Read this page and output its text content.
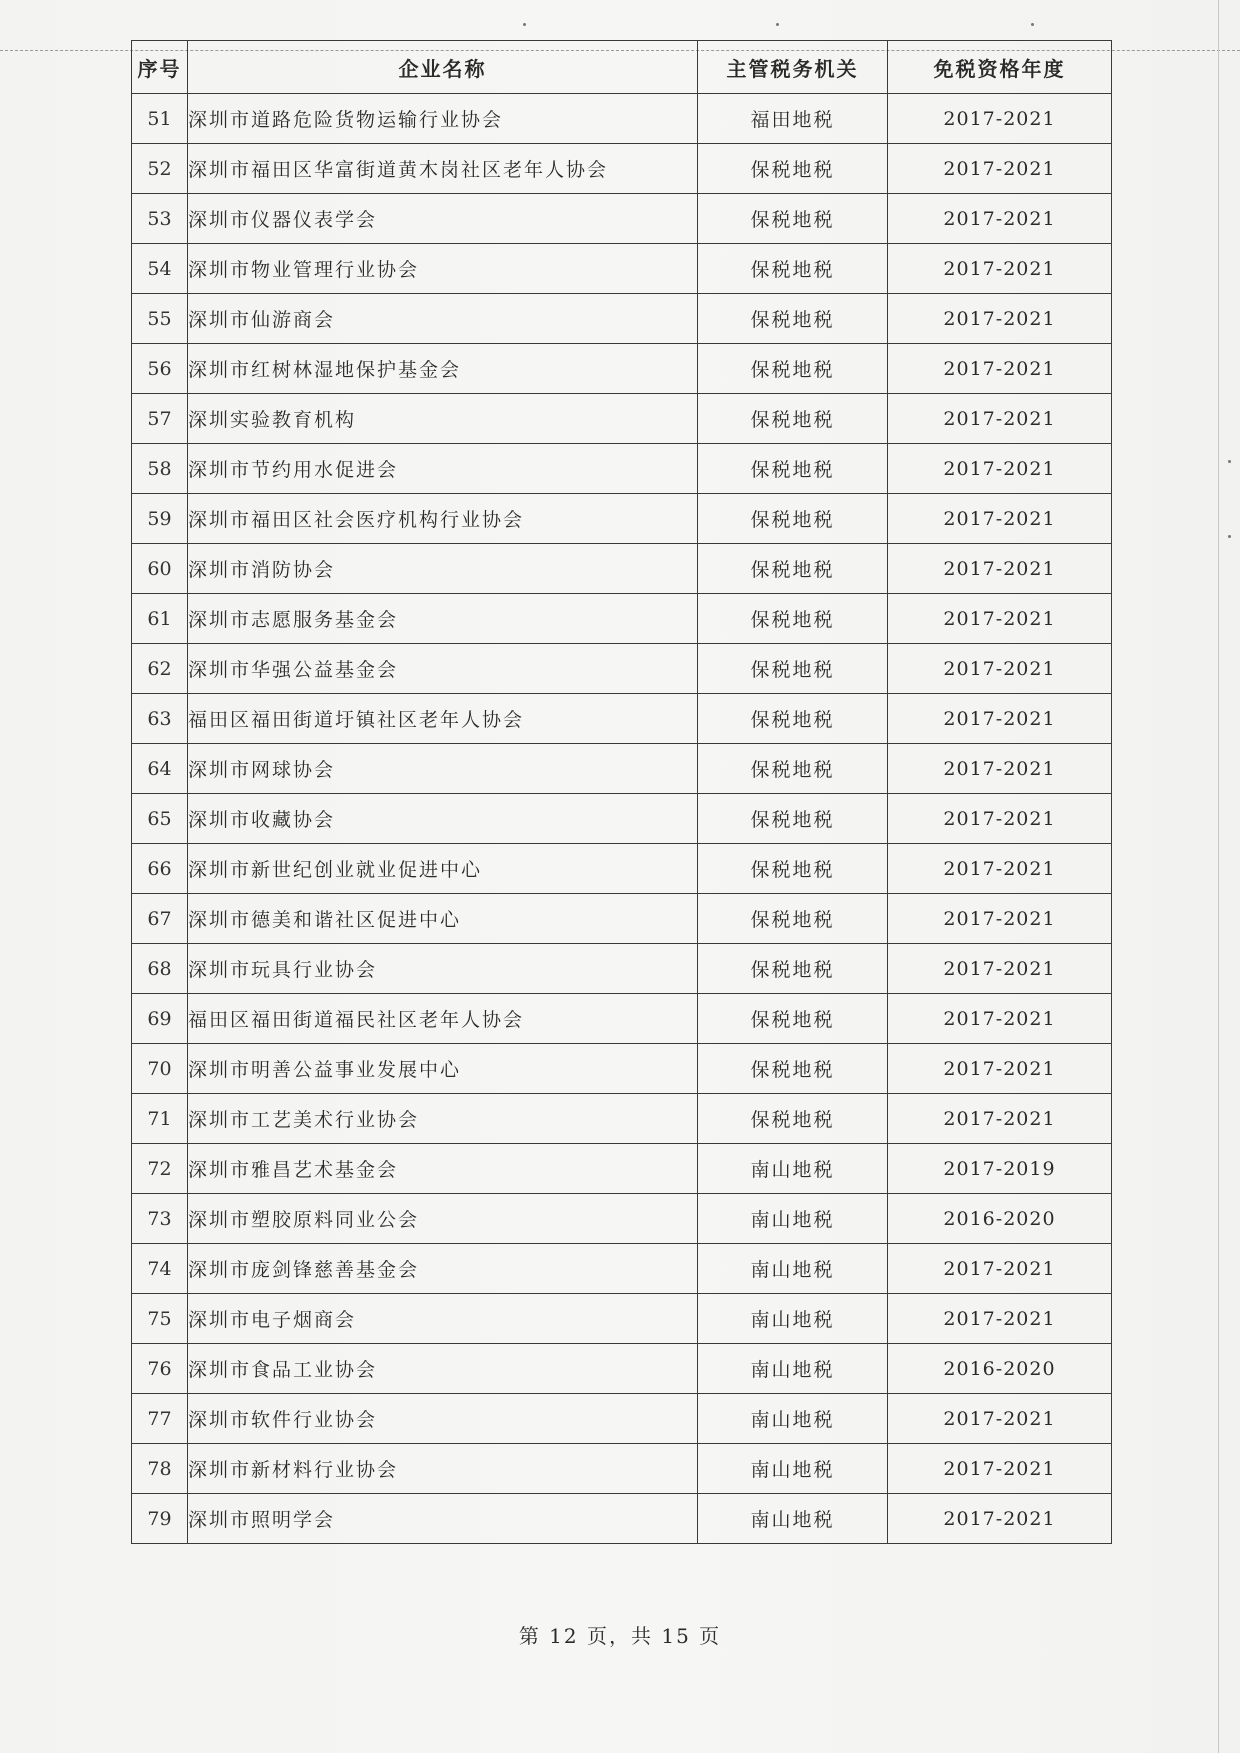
序号	企业名称	主管税务机关	免税资格年度
51	深圳市道路危险货物运输行业协会	福田地税	2017-2021
52	深圳市福田区华富街道黄木岗社区老年人协会	保税地税	2017-2021
53	深圳市仪器仪表学会	保税地税	2017-2021
54	深圳市物业管理行业协会	保税地税	2017-2021
55	深圳市仙游商会	保税地税	2017-2021
56	深圳市红树林湿地保护基金会	保税地税	2017-2021
57	深圳实验教育机构	保税地税	2017-2021
58	深圳市节约用水促进会	保税地税	2017-2021
59	深圳市福田区社会医疗机构行业协会	保税地税	2017-2021
60	深圳市消防协会	保税地税	2017-2021
61	深圳市志愿服务基金会	保税地税	2017-2021
62	深圳市华强公益基金会	保税地税	2017-2021
63	福田区福田街道圩镇社区老年人协会	保税地税	2017-2021
64	深圳市网球协会	保税地税	2017-2021
65	深圳市收藏协会	保税地税	2017-2021
66	深圳市新世纪创业就业促进中心	保税地税	2017-2021
67	深圳市德美和谐社区促进中心	保税地税	2017-2021
68	深圳市玩具行业协会	保税地税	2017-2021
69	福田区福田街道福民社区老年人协会	保税地税	2017-2021
70	深圳市明善公益事业发展中心	保税地税	2017-2021
71	深圳市工艺美术行业协会	保税地税	2017-2021
72	深圳市雅昌艺术基金会	南山地税	2017-2019
73	深圳市塑胶原料同业公会	南山地税	2016-2020
74	深圳市庞剑锋慈善基金会	南山地税	2017-2021
75	深圳市电子烟商会	南山地税	2017-2021
76	深圳市食品工业协会	南山地税	2016-2020
77	深圳市软件行业协会	南山地税	2017-2021
78	深圳市新材料行业协会	南山地税	2017-2021
79	深圳市照明学会	南山地税	2017-2021
第 12 页，共 15 页
